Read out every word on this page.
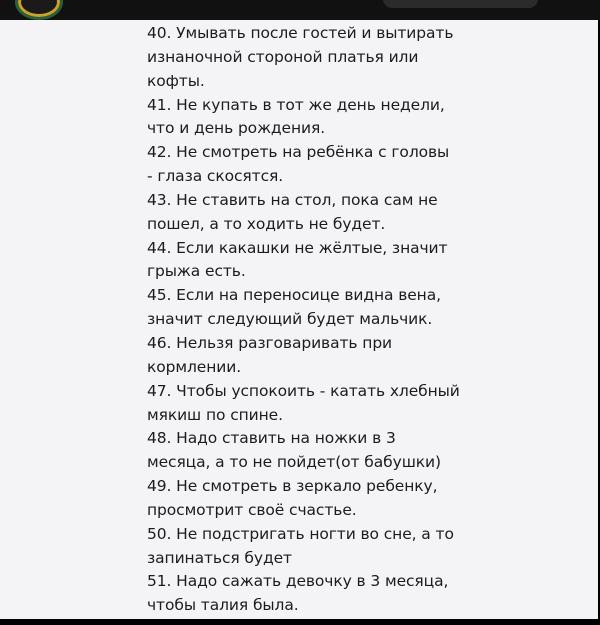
40. Умывать после гостей и вытирать
изнаночной стороной платья или
кофты.

41. Не купать в тот же день недели,
что и день рождения.

42. Не смотреть на ребёнка с головы
- глаза скосятся.

43. Не ставить на стол, пока сам не
пошел, а то ходить не будет.

44. Если какашки не жёлтые, значит
грыжа есть.

45. Если на переносице видна вена,
значит следующий будет мальчик.

46. Нельзя разговаривать при
кормлении.

47. Чтобы успокоить - катать хлебный
мякиш по спине.

48. Надо ставить на ножки в 3
месяца, а то не пойдет(от бабушки)

49. Не смотреть в зеркало ребенку,
просмотрит своё счастье.

50. Не подстригать ногти во сне, а то
запинаться будет

51. Надо сажать девочку в 3 месяца,
чтобы талия была.
